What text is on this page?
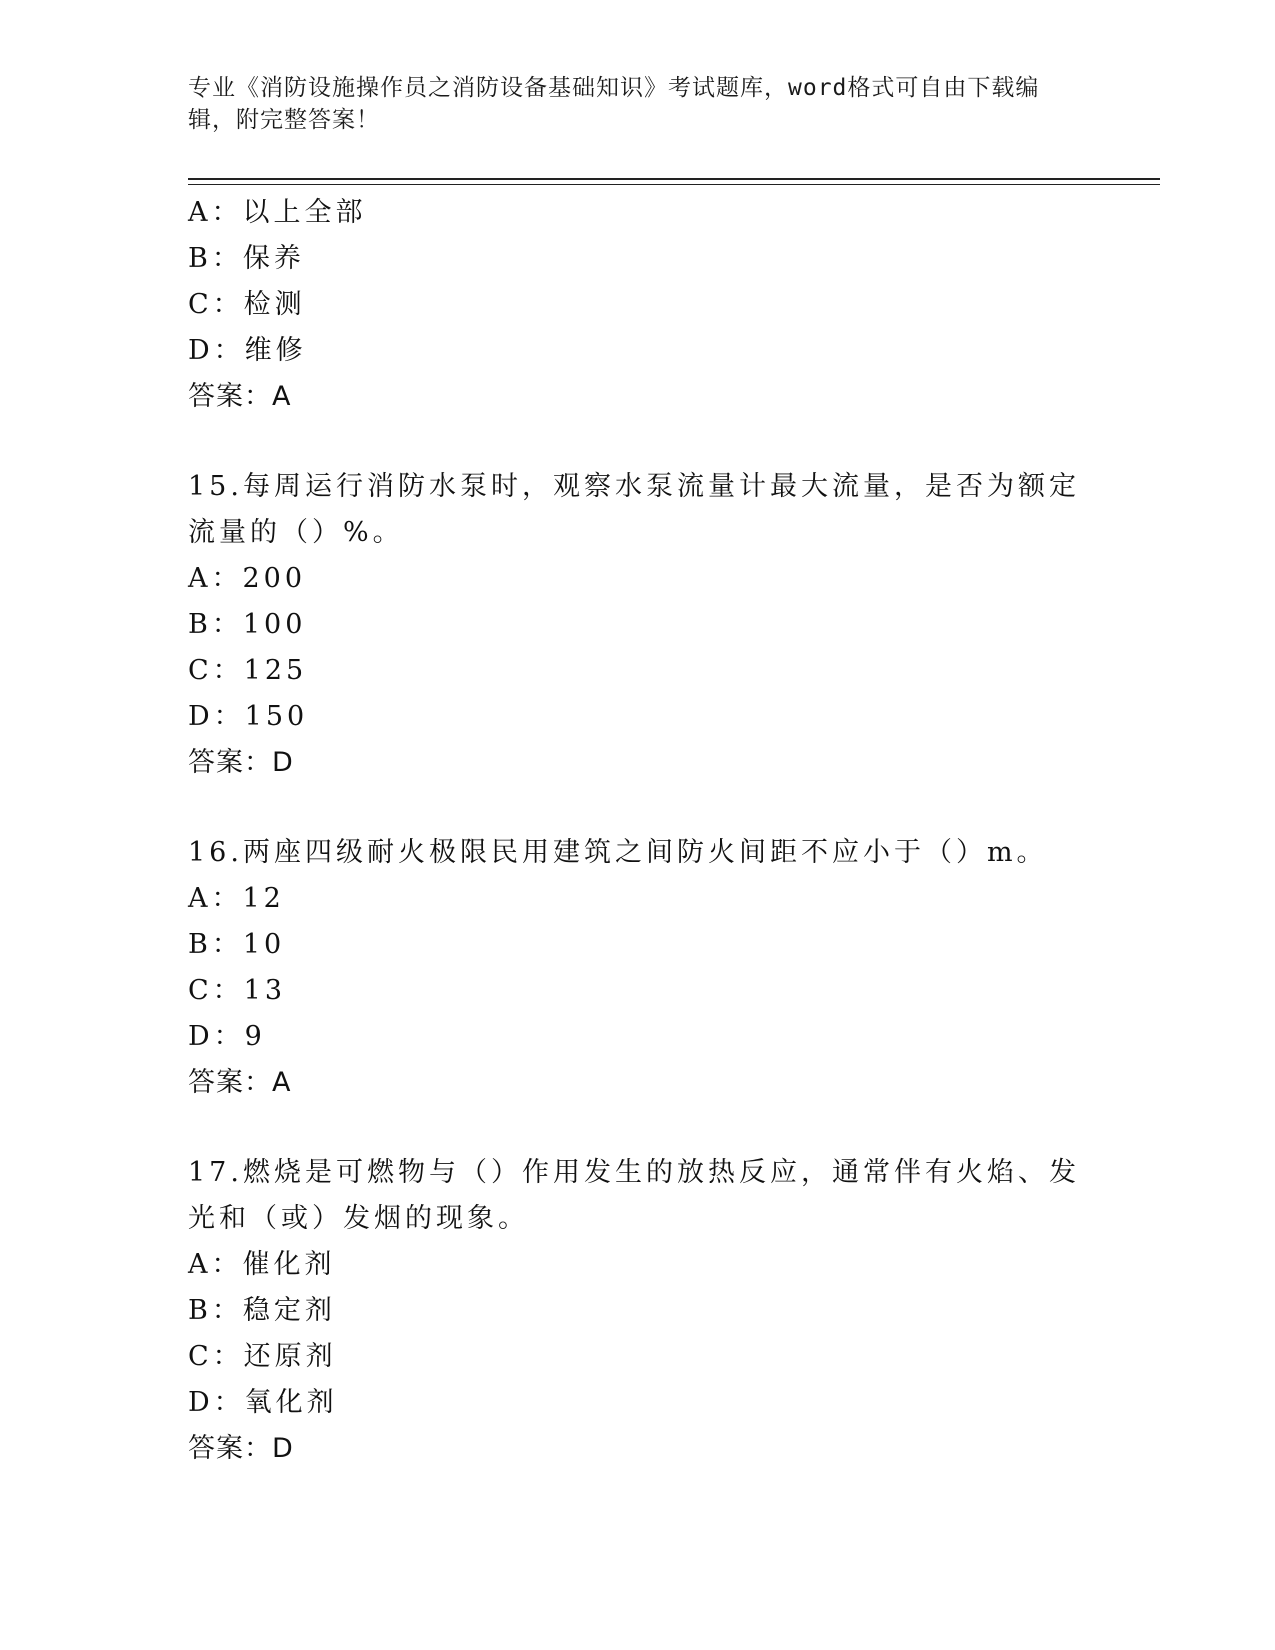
专业《消防设施操作员之消防设备基础知识》考试题库，word格式可自由下载编辑，附完整答案！
A：以上全部
B：保养
C：检测
D：维修
答案：A
15.每周运行消防水泵时，观察水泵流量计最大流量，是否为额定流量的（）%。
A：200
B：100
C：125
D：150
答案：D
16.两座四级耐火极限民用建筑之间防火间距不应小于（）m。
A：12
B：10
C：13
D：9
答案：A
17.燃烧是可燃物与（）作用发生的放热反应，通常伴有火焰、发光和（或）发烟的现象。
A：催化剂
B：稳定剂
C：还原剂
D：氧化剂
答案：D
